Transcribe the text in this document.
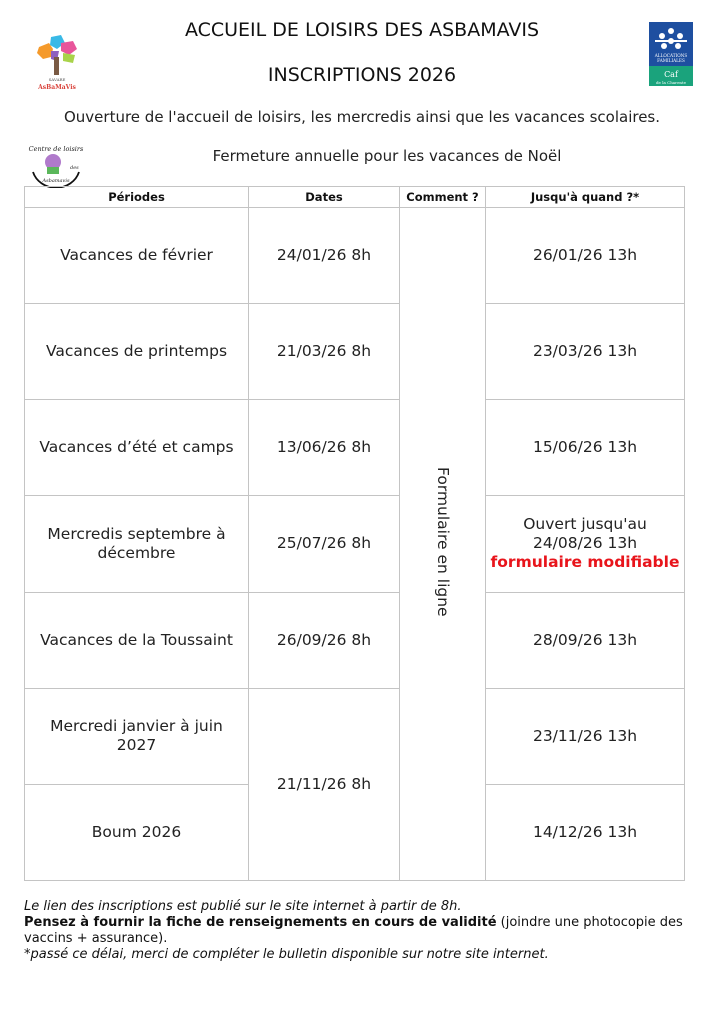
SAVARE
AsBaMaVis
ALLOCATIONS
FAMILIALES
Caf
de la Charente
Centre de loisirs
des
Asbamavis
ACCUEIL DE LOISIRS DES ASBAMAVIS
INSCRIPTIONS 2026
Ouverture de l'accueil de loisirs, les mercredis ainsi que les vacances scolaires.
Fermeture annuelle pour les vacances de Noël
Périodes	Dates	Comment ?	Jusqu'à quand ?*
Vacances de février	24/01/26 8h	Formulaire en ligne	26/01/26 13h
Vacances de printemps	21/03/26 8h		23/03/26 13h
Vacances d’été et camps	13/06/26 8h		15/06/26 13h
Mercredis septembre à décembre	25/07/26 8h		Ouvert jusqu'au
24/08/26 13h
formulaire modifiable

Vacances de la Toussaint	26/09/26 8h		28/09/26 13h
Mercredi janvier à juin 2027	21/11/26 8h		23/11/26 13h
Boum 2026			14/12/26 13h

Le lien des inscriptions est publié sur le site internet à partir de 8h.

Pensez à fournir la fiche de renseignements en cours de validité (joindre une photocopie des vaccins + assurance).

*passé ce délai, merci de compléter le bulletin disponible sur notre site internet.
